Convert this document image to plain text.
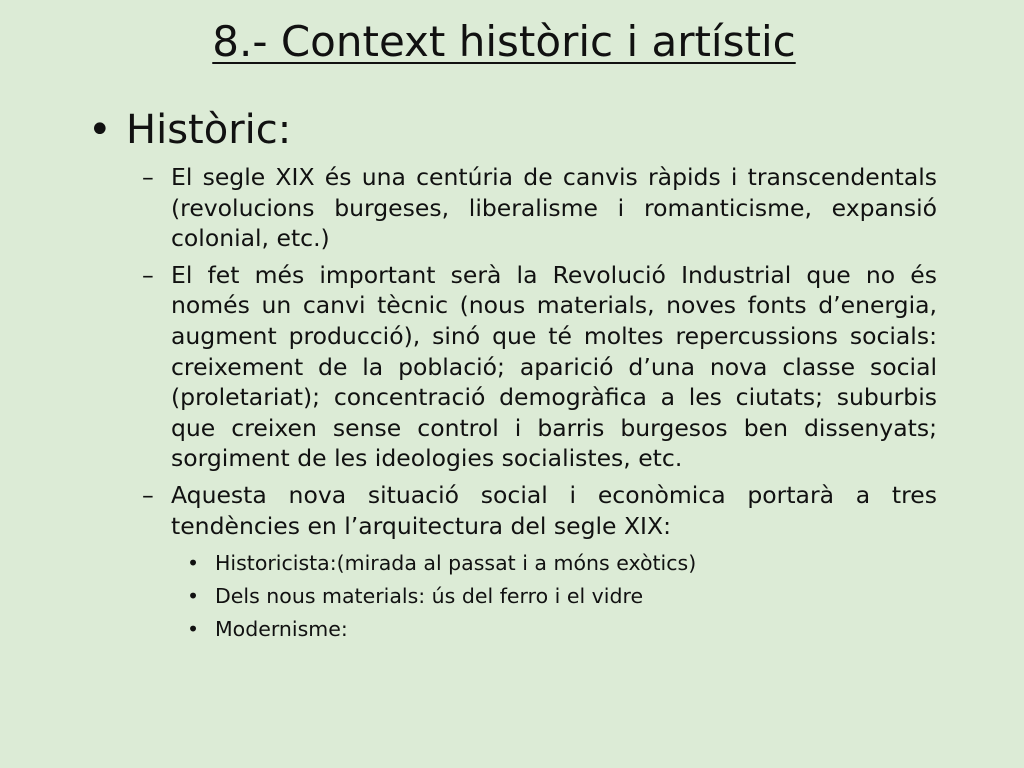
8.- Context històric i artístic
• Històric:
– El segle XIX és una centúria de canvis ràpids i transcendentals (revolucions burgeses, liberalisme i romanticisme, expansió colonial, etc.)
– El fet més important serà la Revolució Industrial que no és només un canvi tècnic (nous materials, noves fonts d’energia, augment producció), sinó que té moltes repercussions socials: creixement de la població; aparició d’una nova classe social (proletariat); concentració demogràfica a les ciutats; suburbis que creixen sense control i barris burgesos ben dissenyats; sorgiment de les ideologies socialistes, etc.
– Aquesta nova situació social i econòmica portarà a tres tendències en l’arquitectura del segle XIX:
• Historicista:(mirada al passat i a móns exòtics)
• Dels nous materials: ús del ferro i el vidre
• Modernisme:
